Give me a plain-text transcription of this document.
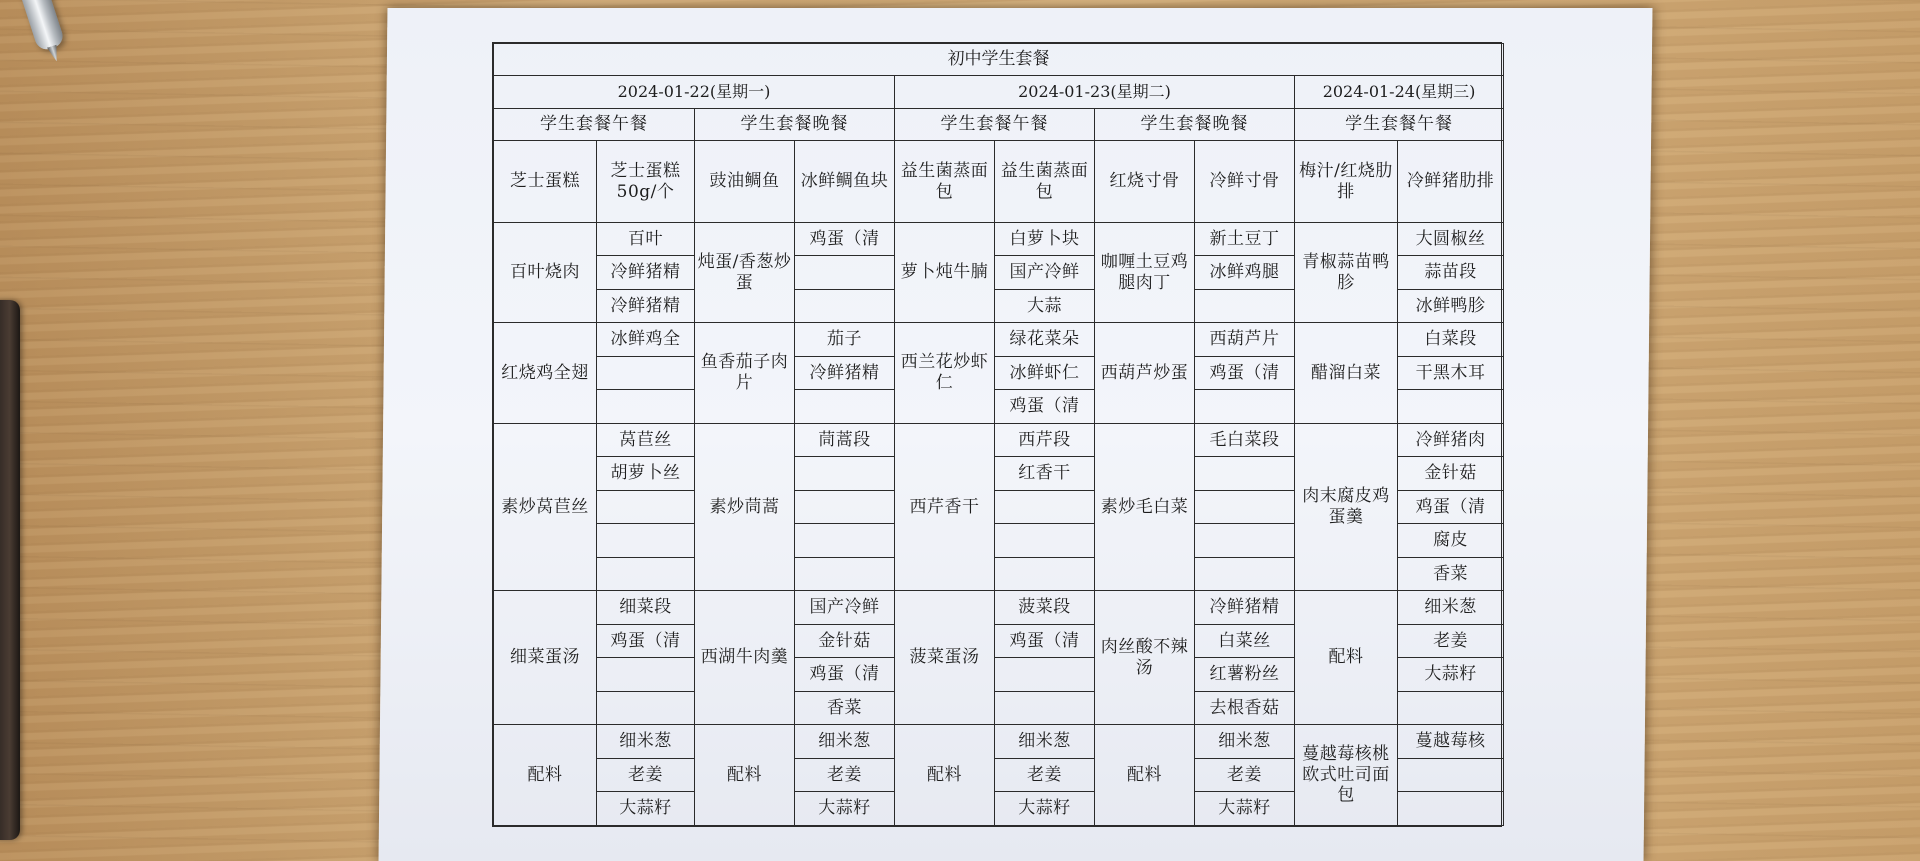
初中学生套餐									
2024-01-22(星期一)				2024-01-23(星期二)				2024-01-24(星期三)	
学生套餐午餐		学生套餐晚餐		学生套餐午餐		学生套餐晚餐		学生套餐午餐	
芝士蛋糕	芝士蛋糕 50g/个	豉油鲷鱼	冰鲜鲷鱼块	益生菌蒸面包	益生菌蒸面包	红烧寸骨	冷鲜寸骨	梅汁/红烧肋排	冷鲜猪肋排
百叶烧肉	百叶	炖蛋/香葱炒蛋	鸡蛋（清	萝卜炖牛腩	白萝卜块	咖喱土豆鸡腿肉丁	新土豆丁	青椒蒜苗鸭胗	大圆椒丝
	冷鲜猪精				国产冷鲜		冰鲜鸡腿		蒜苗段
	冷鲜猪精				大蒜				冰鲜鸭胗
红烧鸡全翅	冰鲜鸡全	鱼香茄子肉片	茄子	西兰花炒虾仁	绿花菜朵	西葫芦炒蛋	西葫芦片	醋溜白菜	白菜段
			冷鲜猪精		冰鲜虾仁		鸡蛋（清		干黑木耳
					鸡蛋（清				
素炒莴苣丝	莴苣丝	素炒茼蒿	茼蒿段	西芹香干	西芹段	素炒毛白菜	毛白菜段	肉末腐皮鸡蛋羹	冷鲜猪肉
	胡萝卜丝				红香干				金针菇
									鸡蛋（清
									腐皮
									香菜
细菜蛋汤	细菜段	西湖牛肉羹	国产冷鲜	菠菜蛋汤	菠菜段	肉丝酸不辣汤	冷鲜猪精	配料	细米葱
	鸡蛋（清		金针菇		鸡蛋（清		白菜丝		老姜
			鸡蛋（清				红薯粉丝		大蒜籽
			香菜				去根香菇		
配料	细米葱	配料	细米葱	配料	细米葱	配料	细米葱	蔓越莓核桃欧式吐司面包	蔓越莓核
	老姜		老姜		老姜		老姜		
	大蒜籽		大蒜籽		大蒜籽		大蒜籽		
